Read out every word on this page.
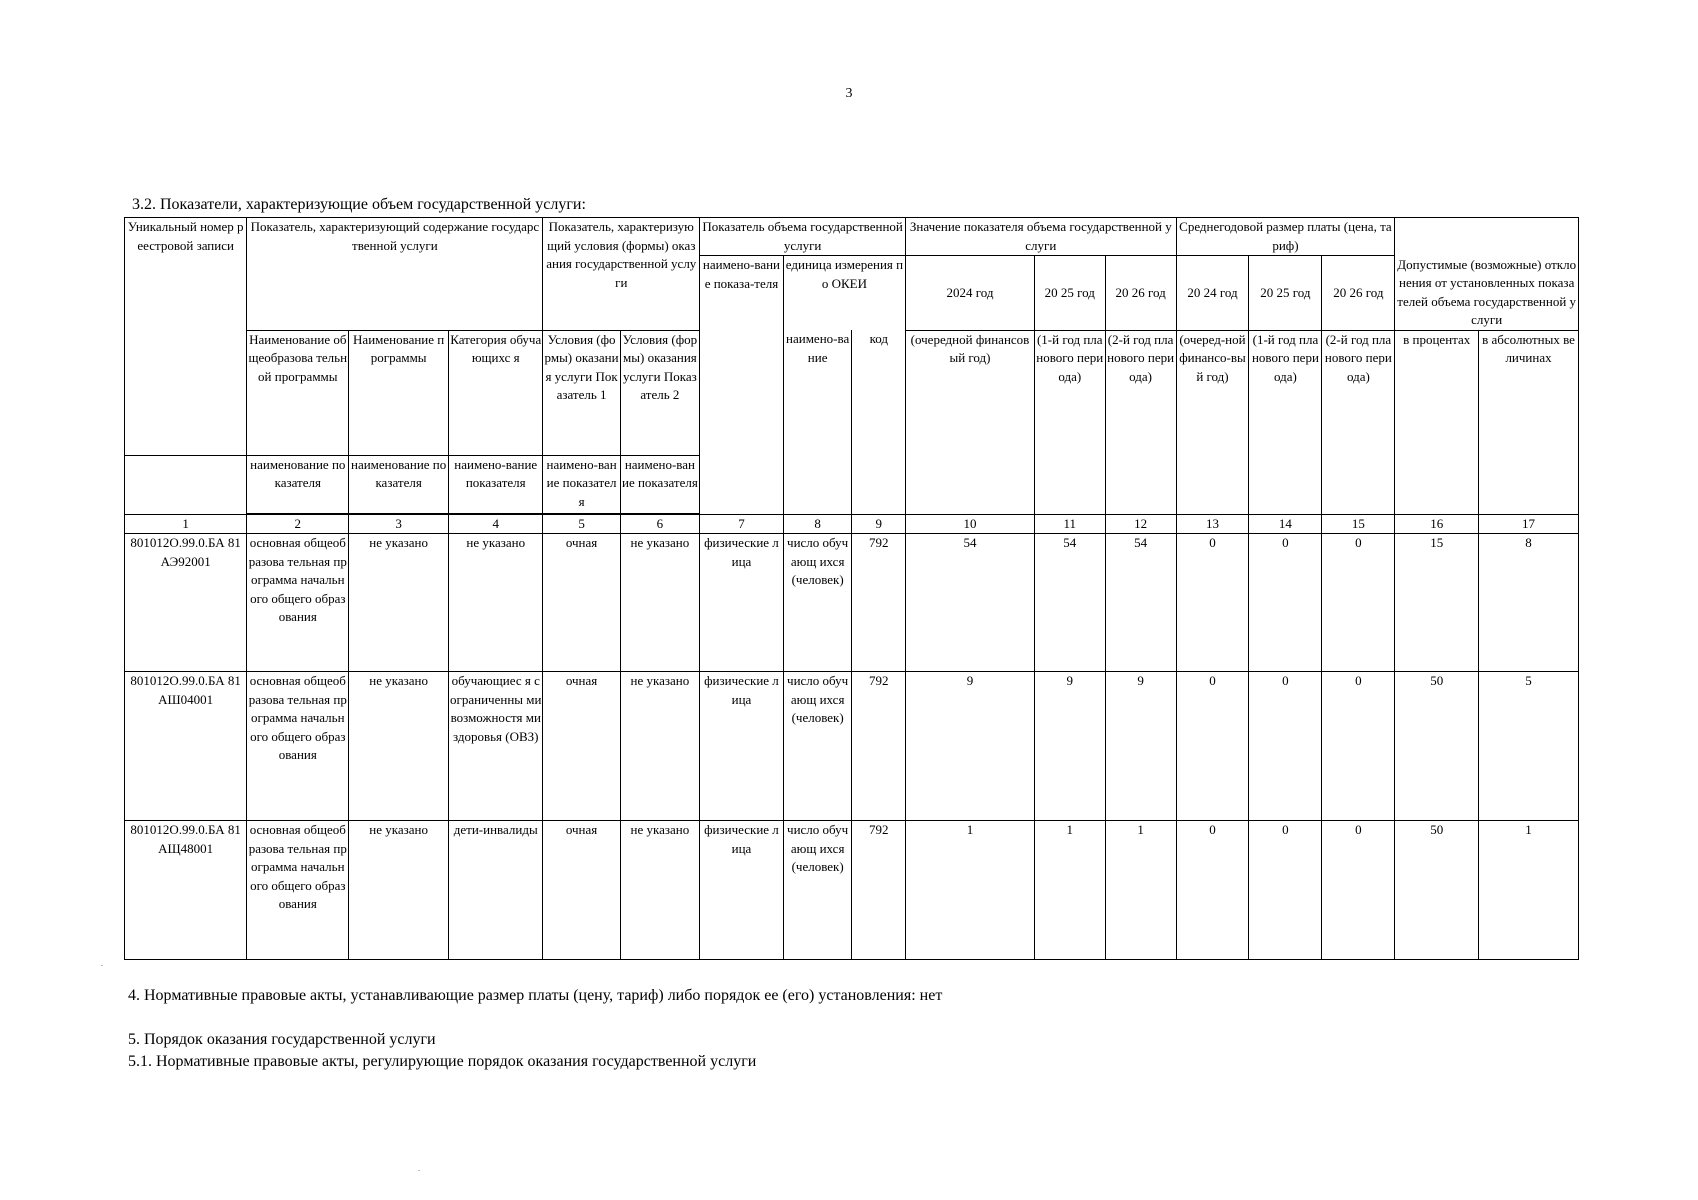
3
3.2. Показатели, характеризующие объем государственной услуги:
Уникальный номер реестровой записи	Показатель, характеризующий содержание государственной услуги			Показатель, характеризующий условия (формы) оказания государственной услуги		Показатель объема государственной услуги			Значение показателя объема государственной услуги			Среднегодовой размер платы (цена, тариф)				
						наимено-вание показа-теля	единица измерения по ОКЕИ		2024 год	20 25 год	20 26 год	20 24 год	20 25 год	20 26 год	Допустимые (возможные) отклонения от установленных показателей объема государственной услуги	
	Наименование общеобразова тельной программы	Наименование программы	Категория обучающихс я	Условия (формы) оказания услуги Показатель 1	Условия (формы) оказания услуги Показатель 2		наимено-вание	код	(очередной финансовый год)	(1-й год планового периода)	(2-й год планового периода)	(очеред-ной финансо-вый год)	(1-й год планового периода)	(2-й год планового периода)	в процентах	в абсолютных величинах
	наименование показателя	наименование показателя	наимено-вание показателя	наимено-вание показателя	наимено-вание показателя											

1	2	3	4	5	6	7	8	9	10	11	12	13	14	15	16	17
801012О.99.0.БА 81АЭ92001	основная общеобразова тельная программа начального общего образования	не указано	не указано	очная	не указано	физические лица	число обучающ ихся (человек)	792	54	54	54	0	0	0	15	8
801012О.99.0.БА 81АШ04001	основная общеобразова тельная программа начального общего образования	не указано	обучающиес я с ограниченны ми возможностя ми здоровья (ОВЗ)	очная	не указано	физические лица	число обучающ ихся (человек)	792	9	9	9	0	0	0	50	5
801012О.99.0.БА 81АЩ48001	основная общеобразова тельная программа начального общего образования	не указано	дети-инвалиды	очная	не указано	физические лица	число обучающ ихся (человек)	792	1	1	1	0	0	0	50	1
4. Нормативные правовые акты, устанавливающие размер платы (цену, тариф) либо порядок ее (его) установления: нет
5. Порядок оказания государственной услуги
5.1. Нормативные правовые акты, регулирующие порядок оказания государственной услуги
